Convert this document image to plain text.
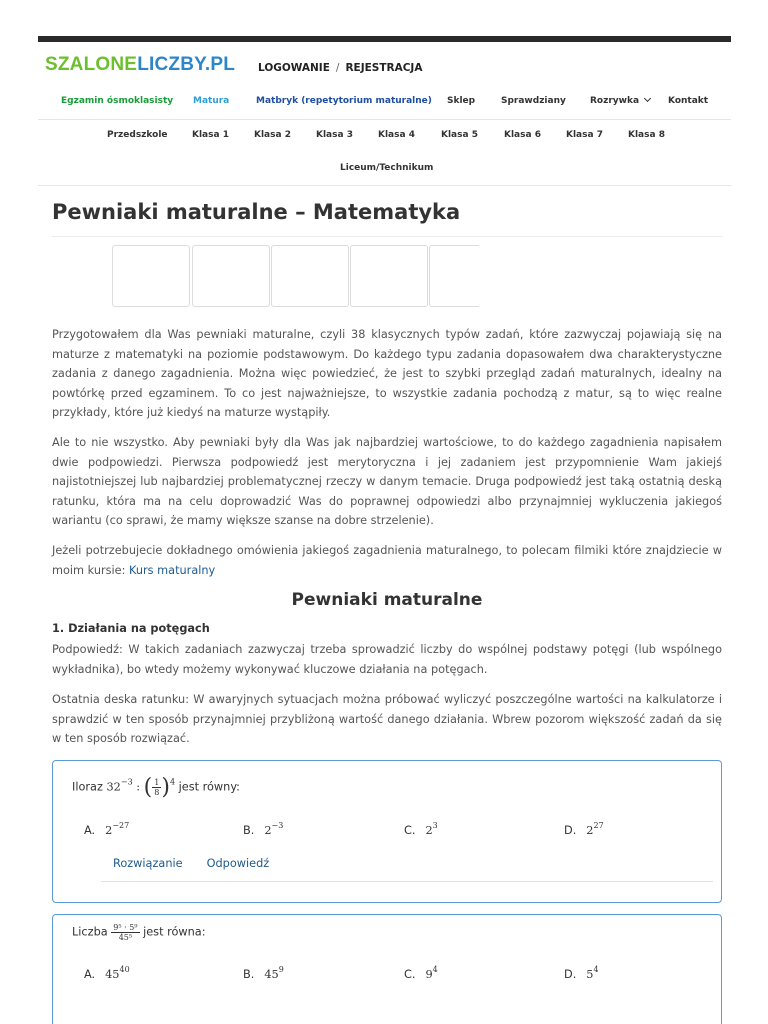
SZALONELICZBY.PL LOGOWANIE / REJESTRACJA
Egzamin ósmoklasisty Matura	Matbryk (repetytorium maturalne) Sklep	Sprawdziany	Rozrywka	Kontakt
Przedszkole	Klasa 1	Klasa 2	Klasa 3	Klasa 4	Klasa 5	Klasa 6	Klasa 7	Klasa 8
Liceum/Technikum
Pewniaki maturalne – Matematyka

Przygotowałem dla Was pewniaki maturalne, czyli 38 klasycznych typów zadań, które zazwyczaj pojawiają się na maturze z matematyki na poziomie podstawowym. Do każdego typu zadania dopasowałem dwa charakterystyczne zadania z danego zagadnienia. Można więc powiedzieć, że jest to szybki przegląd zadań maturalnych, idealny na powtórkę przed egzaminem. To co jest najważniejsze, to wszystkie zadania pochodzą z matur, są to więc realne przykłady, które już kiedyś na maturze wystąpiły.

Ale to nie wszystko. Aby pewniaki były dla Was jak najbardziej wartościowe, to do każdego zagadnienia napisałem dwie podpowiedzi. Pierwsza podpowiedź jest merytoryczna i jej zadaniem jest przypomnienie Wam jakiejś najistotniejszej lub najbardziej problematycznej rzeczy w danym temacie. Druga podpowiedź jest taką ostatnią deską ratunku, która ma na celu doprowadzić Was do poprawnej odpowiedzi albo przynajmniej wykluczenia jakiegoś wariantu (co sprawi, że mamy większe szanse na dobre strzelenie).

Jeżeli potrzebujecie dokładnego omówienia jakiegoś zagadnienia maturalnego, to polecam filmiki które znajdziecie w moim kursie: Kurs maturalny

Pewniaki maturalne
1. Działania na potęgach

Podpowiedź: W takich zadaniach zazwyczaj trzeba sprowadzić liczby do wspólnej podstawy potęgi (lub wspólnego wykładnika), bo wtedy możemy wykonywać kluczowe działania na potęgach.

Ostatnia deska ratunku: W awaryjnych sytuacjach można próbować wyliczyć poszczególne wartości na kalkulatorze i sprawdzić w ten sposób przynajmniej przybliżoną wartość danego działania. Wbrew pozorom większość zadań da się w ten sposób rozwiązać.

Iloraz $32^{-3}$ : ( $\frac{1}{8} )^4$ jest równy:
A. $2^{-27}$	B. $2^{-3}$	C. $2^3$	D. $2^{27}$
Rozwiązanie Odpowiedź
Liczba $\frac{\text{9⁵ · 5⁹}}{\text{45⁵}}$ jest równa:
A. $45^{40}$	B. $45^9$	C. $9^4$	D. $5^4$
